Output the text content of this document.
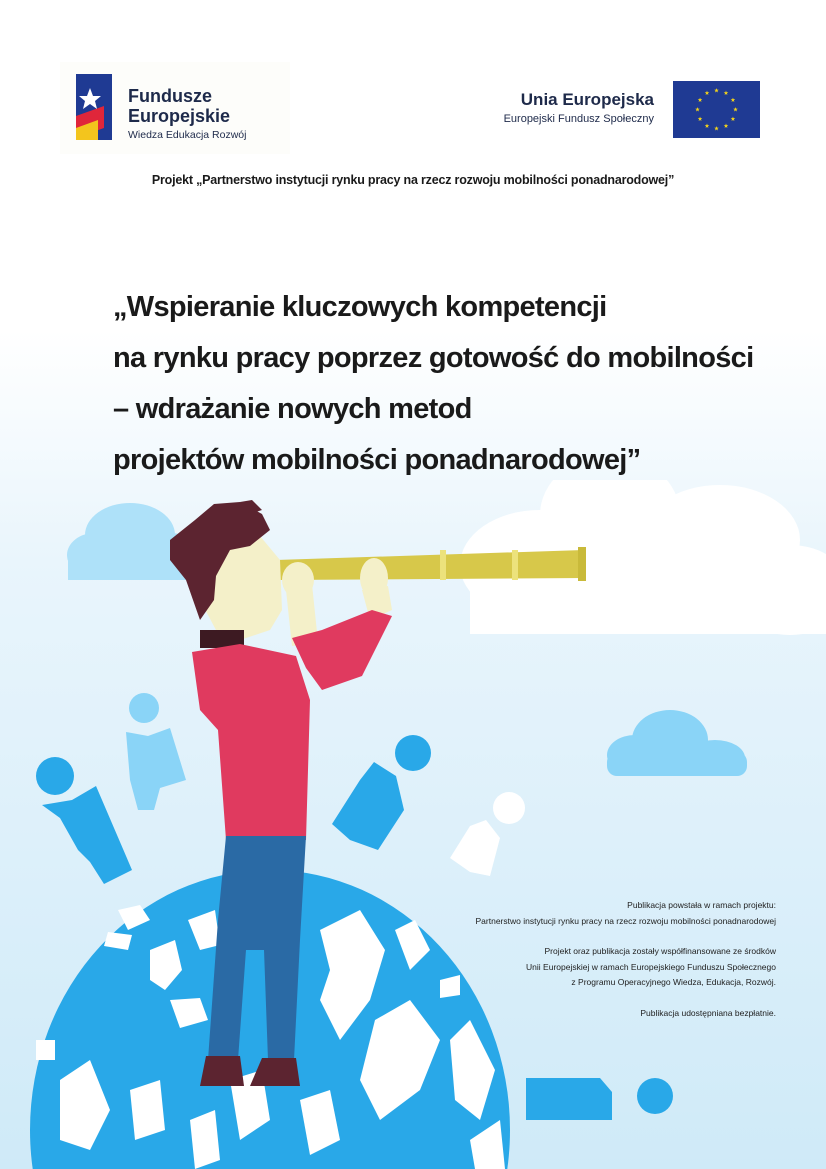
Fundusze
Europejskie
Wiedza Edukacja Rozwój
Unia Europejska
Europejski Fundusz Społeczny
Projekt „Partnerstwo instytucji rynku pracy na rzecz rozwoju mobilności ponadnarodowej”
„Wspieranie kluczowych kompetencji
na rynku pracy poprzez gotowość do mobilności
– wdrażanie nowych metod
projektów mobilności ponadnarodowej”
Publikacja powstała w ramach projektu:
Partnerstwo instytucji rynku pracy na rzecz rozwoju mobilności ponadnarodowej
Projekt oraz publikacja zostały współfinansowane ze środków
Unii Europejskiej w ramach Europejskiego Funduszu Społecznego
z Programu Operacyjnego Wiedza, Edukacja, Rozwój.
Publikacja udostępniana bezpłatnie.
